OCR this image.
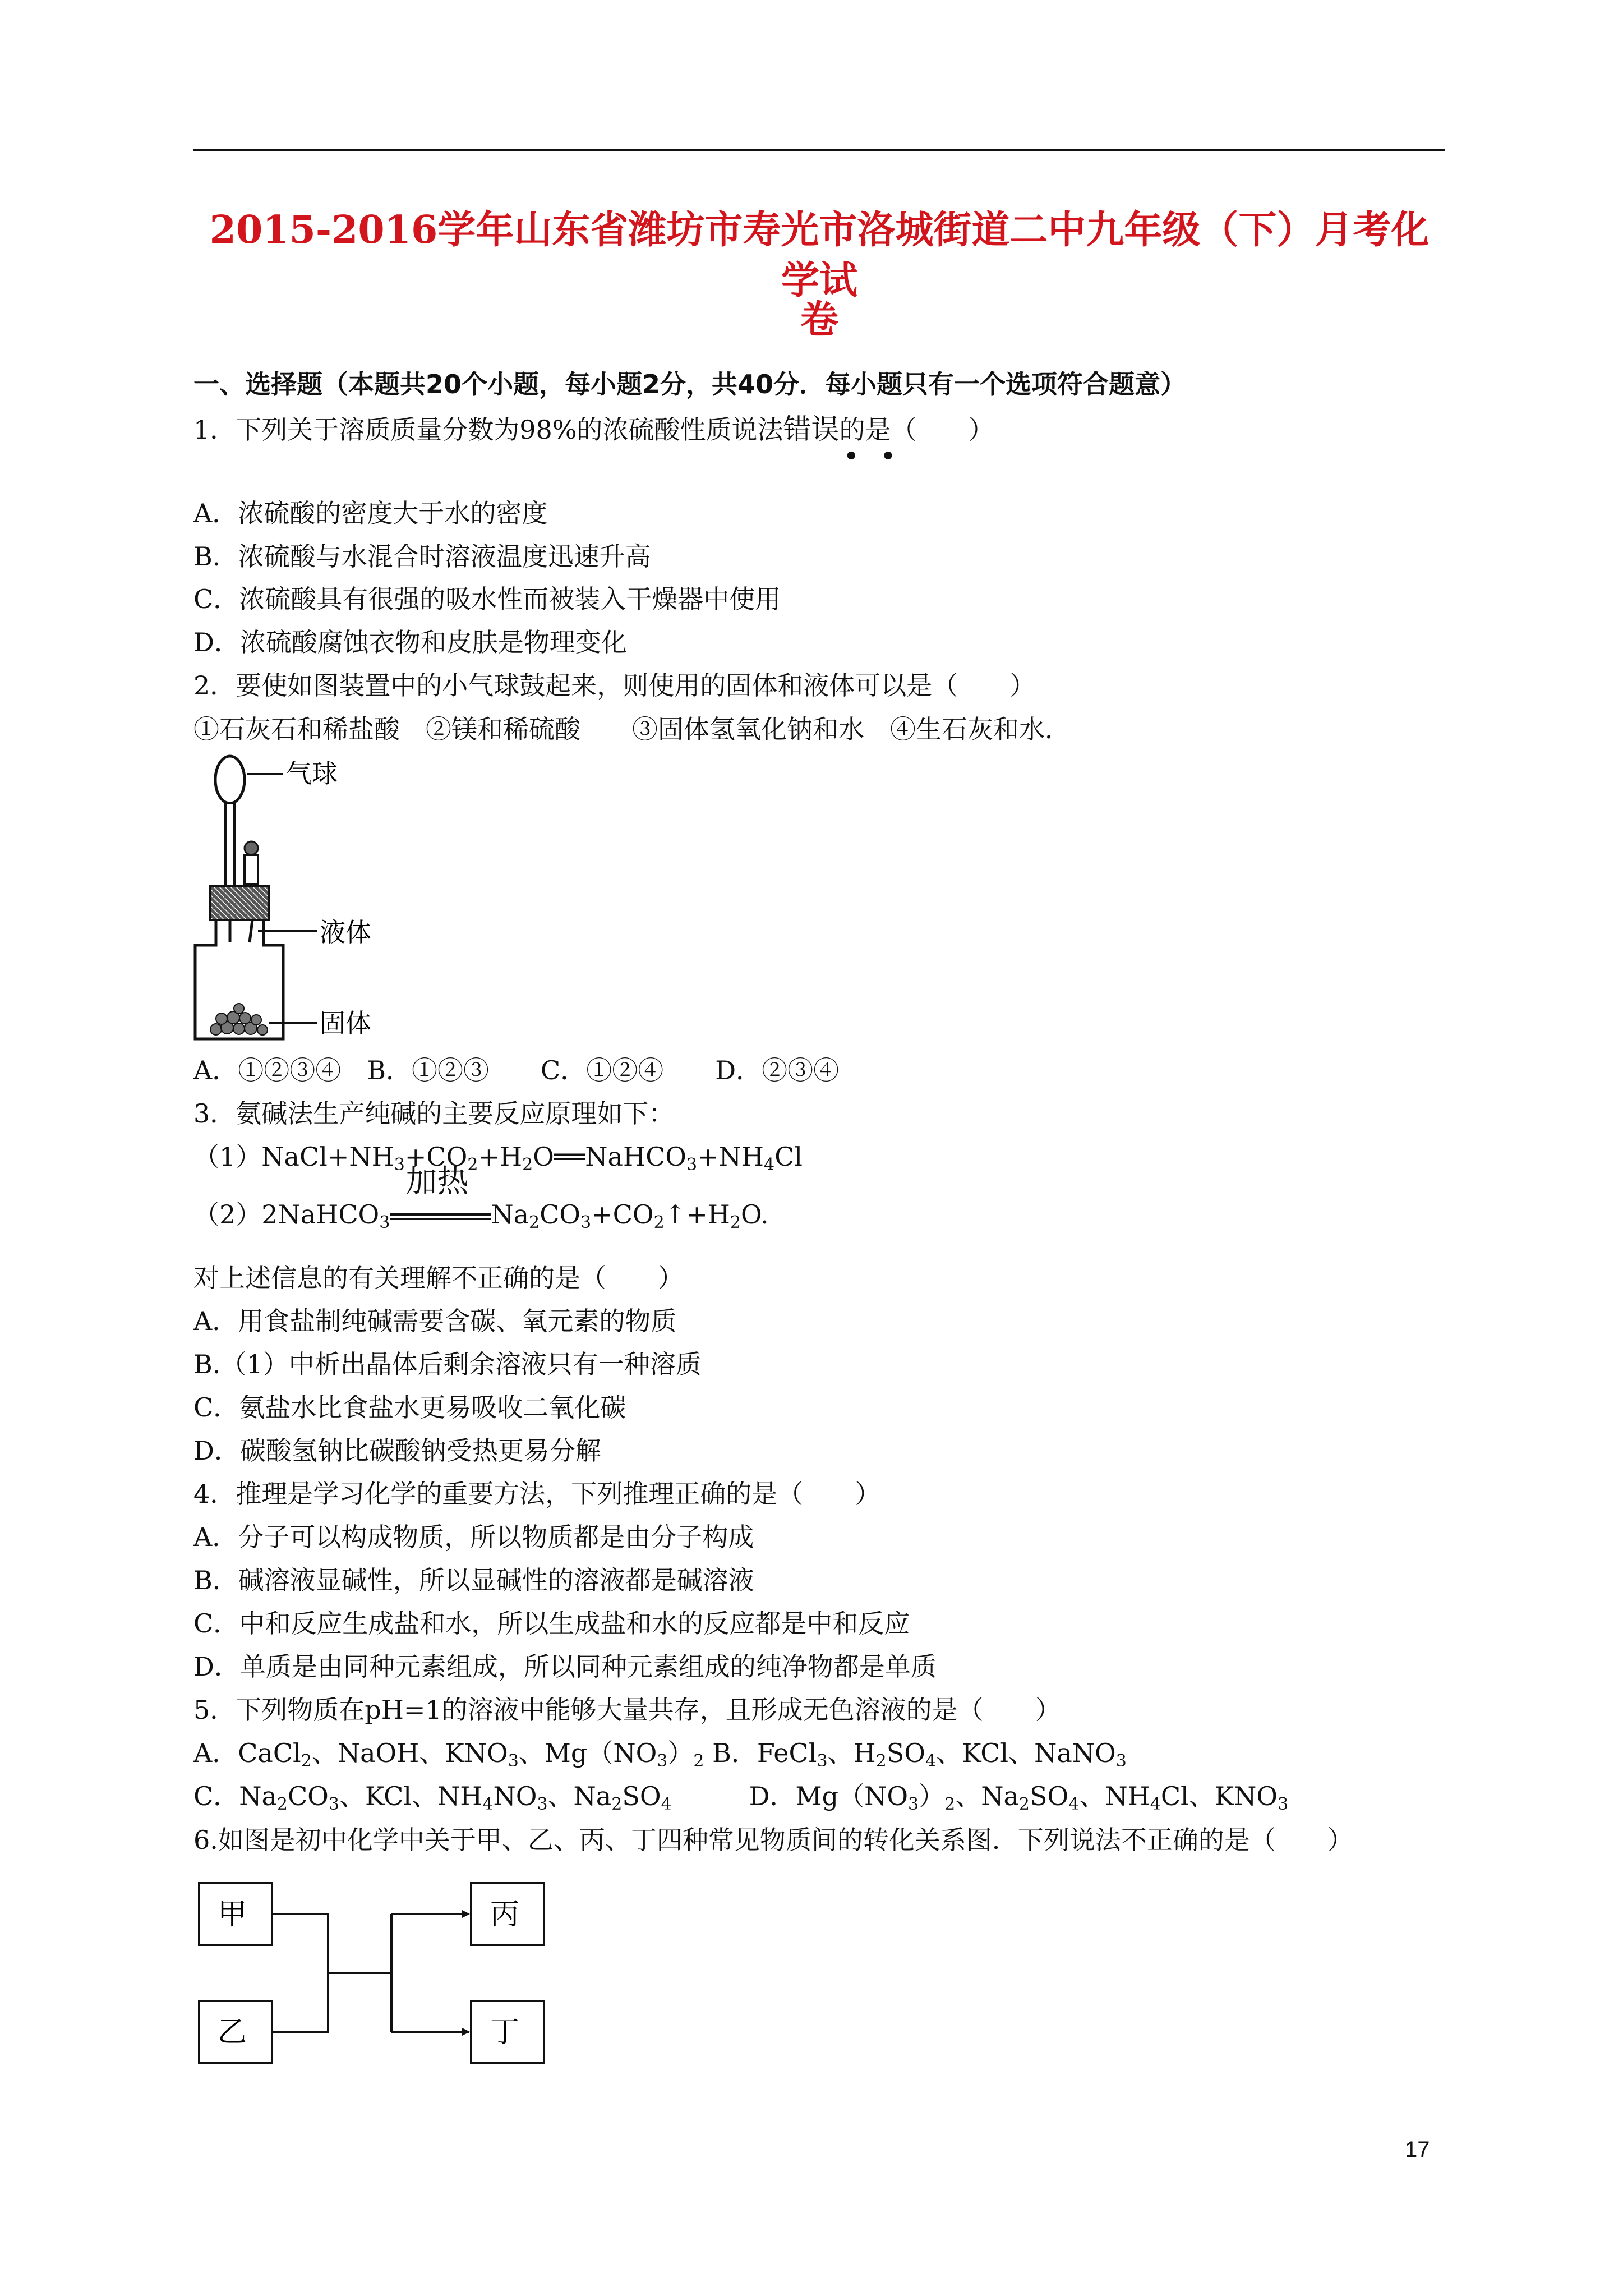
2015-2016学年山东省潍坊市寿光市洛城街道二中九年级（下）月考化学试
卷
一、选择题（本题共20个小题，每小题2分，共40分．每小题只有一个选项符合题意）
1．下列关于溶质质量分数为98%的浓硫酸性质说法错误的是（　　）
••
A．浓硫酸的密度大于水的密度
B．浓硫酸与水混合时溶液温度迅速升高
C．浓硫酸具有很强的吸水性而被装入干燥器中使用
D．浓硫酸腐蚀衣物和皮肤是物理变化
2．要使如图装置中的小气球鼓起来，则使用的固体和液体可以是（　　）
①石灰石和稀盐酸　②镁和稀硫酸　　③固体氢氧化钠和水　④生石灰和水．
气球
液体
固体
A．①②③④　B．①②③　　C．①②④　　D．②③④
3．氨碱法生产纯碱的主要反应原理如下：
$(1)NaCl+NH_3+CO_2+H_2O══NaHCO_3+NH_4Cl$
（2）2NaHCO$_3$
加热
$Na_2CO_3+CO_2↑+H_2O$.
对上述信息的有关理解不正确的是（　　）
A．用食盐制纯碱需要含碳、氧元素的物质
B.（1）中析出晶体后剩余溶液只有一种溶质
C．氨盐水比食盐水更易吸收二氧化碳
D．碳酸氢钠比碳酸钠受热更易分解
4．推理是学习化学的重要方法，下列推理正确的是（　　）
A．分子可以构成物质，所以物质都是由分子构成
B．碱溶液显碱性，所以显碱性的溶液都是碱溶液
C．中和反应生成盐和水，所以生成盐和水的反应都是中和反应
D．单质是由同种元素组成，所以同种元素组成的纯净物都是单质
5．下列物质在pH=1的溶液中能够大量共存，且形成无色溶液的是（　　）
A．CaCl$_2$、NaOH、$KNO_3$、$Mg(NO_3)_2$ B．FeCl$_3$、$H_2SO_4$、KCl、NaNO$_3$
C．$Na_2CO_3$、KCl、$NH_4NO_3$、$Na_2SO_4$　　　D．$Mg(NO_3)_2$、$Na_2SO_4$、$NH_4Cl$、$KNO_3$
6.如图是初中化学中关于甲、乙、丙、丁四种常见物质间的转化关系图．下列说法不正确的是（　　）
甲
乙
丙
丁
17
